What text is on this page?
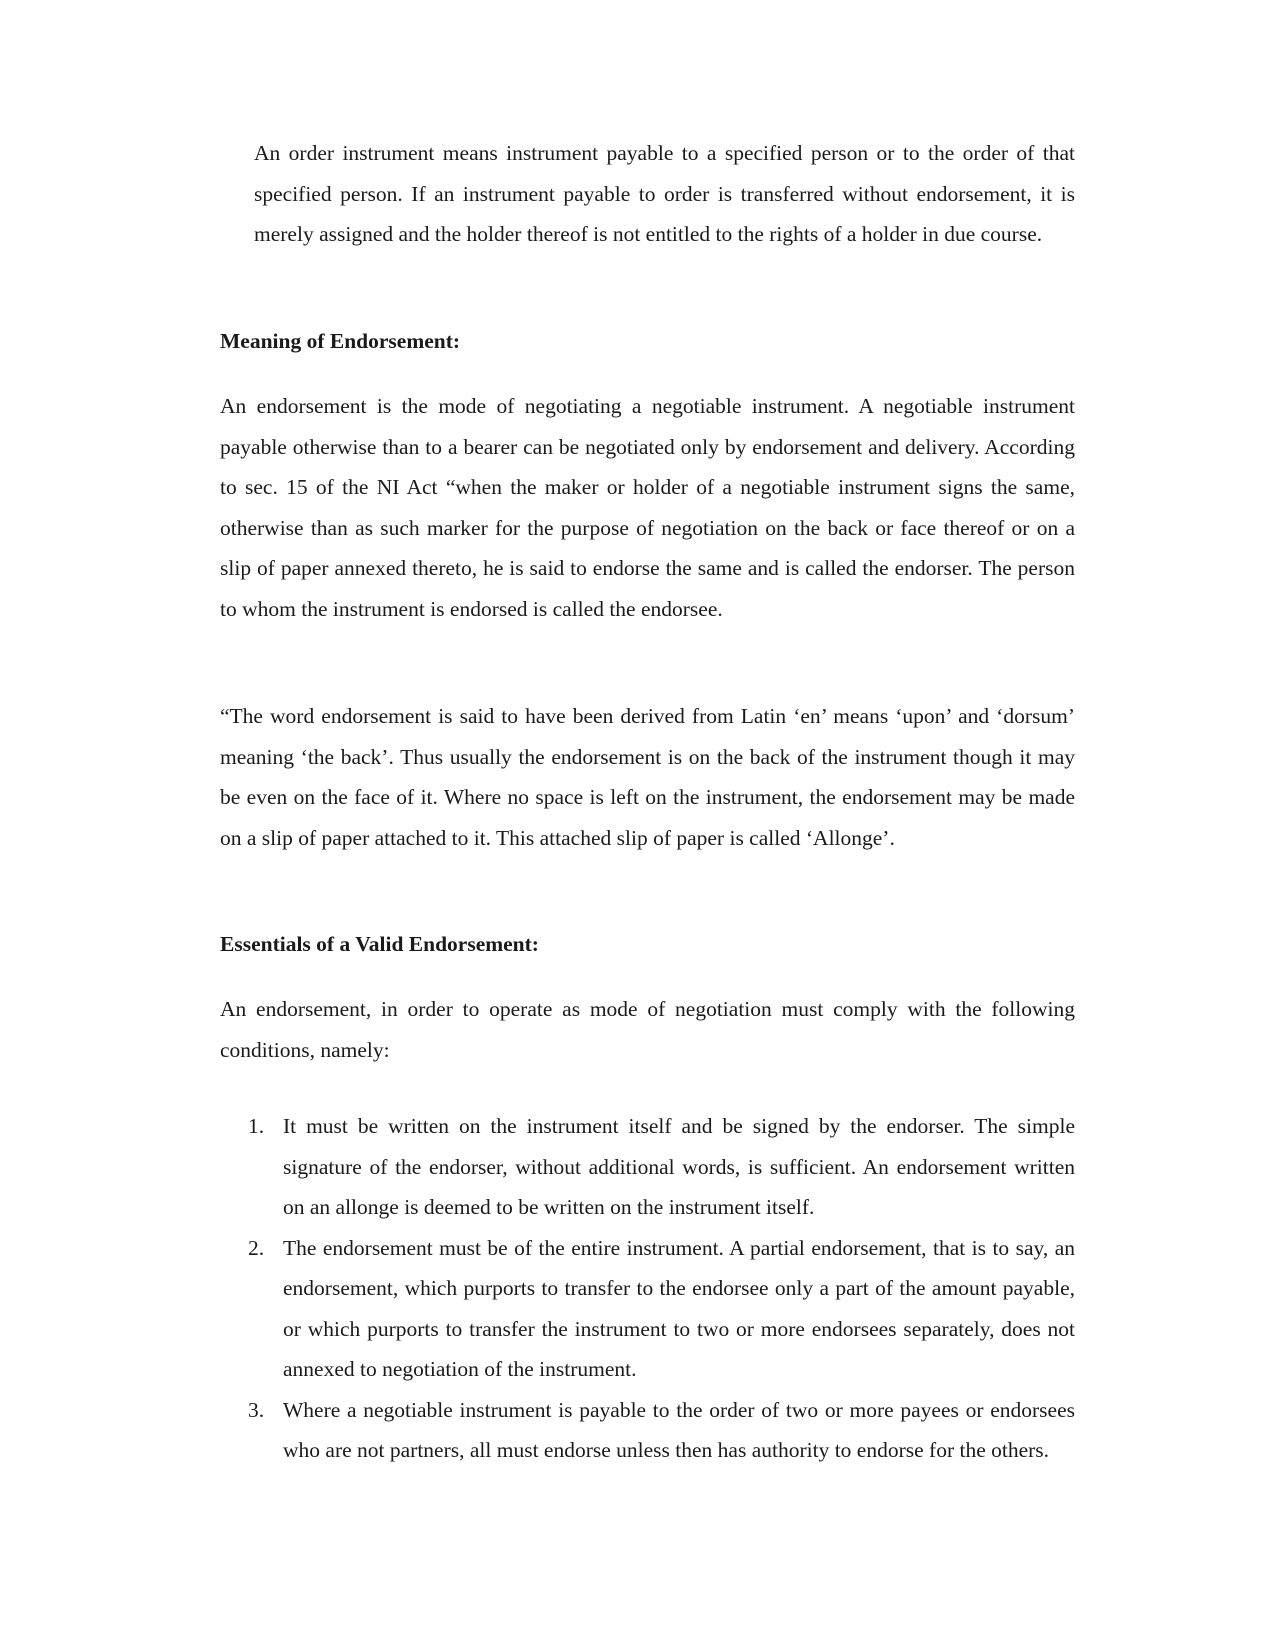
An order instrument means instrument payable to a specified person or to the order of that specified person. If an instrument payable to order is transferred without endorsement, it is merely assigned and the holder thereof is not entitled to the rights of a holder in due course.

Meaning of Endorsement:

An endorsement is the mode of negotiating a negotiable instrument. A negotiable instrument payable otherwise than to a bearer can be negotiated only by endorsement and delivery. According to sec. 15 of the NI Act “when the maker or holder of a negotiable instrument signs the same, otherwise than as such marker for the purpose of negotiation on the back or face thereof or on a slip of paper annexed thereto, he is said to endorse the same and is called the endorser. The person to whom the instrument is endorsed is called the endorsee.

“The word endorsement is said to have been derived from Latin ‘en’ means ‘upon’ and ‘dorsum’ meaning ‘the back’. Thus usually the endorsement is on the back of the instrument though it may be even on the face of it. Where no space is left on the instrument, the endorsement may be made on a slip of paper attached to it. This attached slip of paper is called ‘Allonge’.

Essentials of a Valid Endorsement:

An endorsement, in order to operate as mode of negotiation must comply with the following conditions, namely:

1. It must be written on the instrument itself and be signed by the endorser. The simple signature of the endorser, without additional words, is sufficient. An endorsement written on an allonge is deemed to be written on the instrument itself.
2. The endorsement must be of the entire instrument. A partial endorsement, that is to say, an endorsement, which purports to transfer to the endorsee only a part of the amount payable, or which purports to transfer the instrument to two or more endorsees separately, does not annexed to negotiation of the instrument.
3. Where a negotiable instrument is payable to the order of two or more payees or endorsees who are not partners, all must endorse unless then has authority to endorse for the others.
